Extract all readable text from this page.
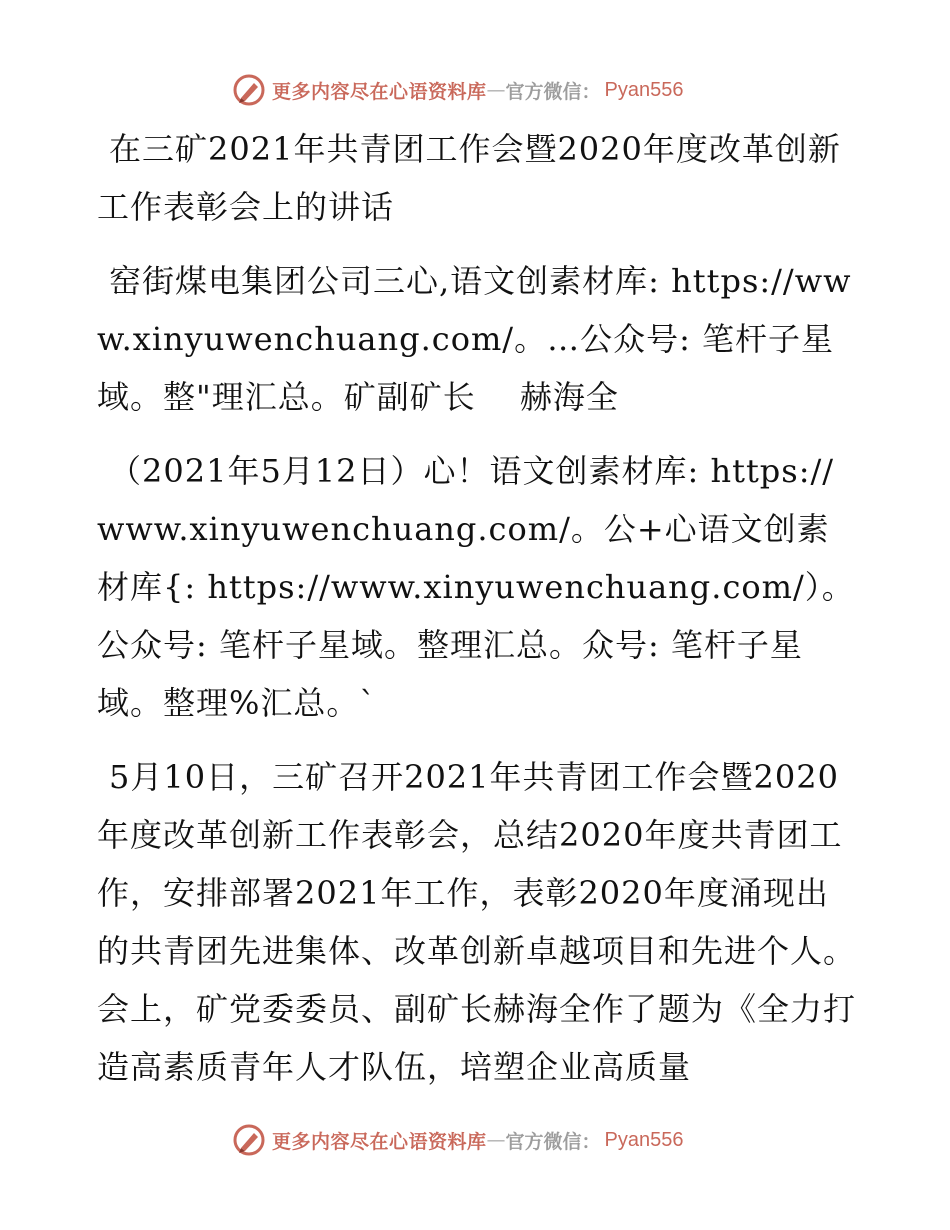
更多内容尽在心语资料库 — 官方微信： Pyan556

在三矿2021年共青团工作会暨2020年度改革创新工作表彰会上的讲话

窑街煤电集团公司三心,语文创素材库: https://www.xinyuwenchuang.com/。…公众号: 笔杆子星域。整"理汇总。矿副矿长　 赫海全

（2021年5月12日）心！语文创素材库: https://www.xinyuwenchuang.com/。公+心语文创素材库{: https://www.xinyuwenchuang.com/）。公众号: 笔杆子星域。整理汇总。众号: 笔杆子星域。整理%汇总。`

5月10日，三矿召开2021年共青团工作会暨2020年度改革创新工作表彰会，总结2020年度共青团工作，安排部署2021年工作，表彰2020年度涌现出的共青团先进集体、改革创新卓越项目和先进个人。会上，矿党委委员、副矿长赫海全作了题为《全力打造高素质青年人才队伍，培塑企业高质量

更多内容尽在心语资料库 — 官方微信： Pyan556
